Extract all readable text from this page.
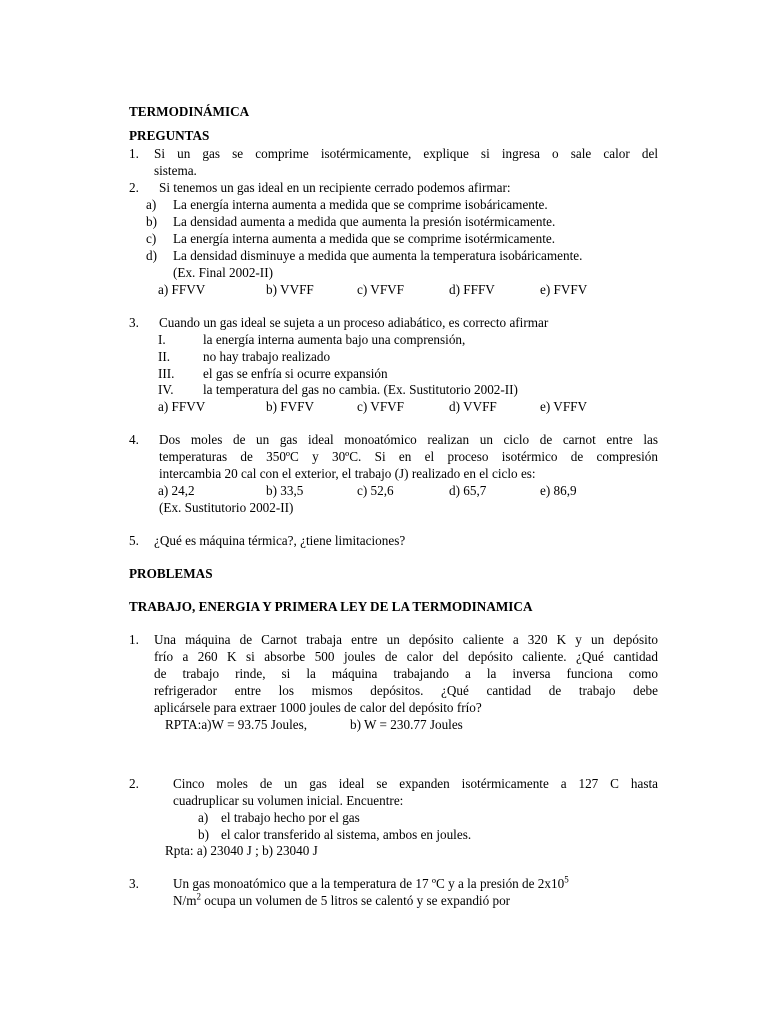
TERMODINÁMICA
PREGUNTAS
1. Si un gas se comprime isotérmicamente, explique si ingresa o sale calor del
sistema.
2. Si tenemos un gas ideal en un recipiente cerrado podemos afirmar:
a) La energía interna aumenta a medida que se comprime isobáricamente.
b) La densidad aumenta a medida que aumenta la presión isotérmicamente.
c) La energía interna aumenta a medida que se comprime isotérmicamente.
d) La densidad disminuye a medida que aumenta la temperatura isobáricamente.
(Ex. Final 2002-II)
a) FFVV	b) VVFF	c) VFVF	d) FFFV	e) FVFV
3. Cuando un gas ideal se sujeta a un proceso adiabático, es correcto afirmar
I.	la energía interna aumenta bajo una comprensión,
II. no hay trabajo realizado
III. el gas se enfría si ocurre expansión
IV. la temperatura del gas no cambia. (Ex. Sustitutorio 2002-II)
a) FFVV	b) FVFV	c) VFVF	d) VVFF	e) VFFV
4. Dos moles de un gas ideal monoatómico realizan un ciclo de carnot entre las
temperaturas de 350ºC y 30ºC. Si en el proceso isotérmico de compresión
intercambia 20 cal con el exterior, el trabajo (J) realizado en el ciclo es:
a) 24,2	b) 33,5	c) 52,6	d) 65,7	e) 86,9
(Ex. Sustitutorio 2002-II)
5. ¿Qué es máquina térmica?, ¿tiene limitaciones?
PROBLEMAS
TRABAJO, ENERGIA Y PRIMERA LEY DE LA TERMODINAMICA
1. Una máquina de Carnot trabaja entre un depósito caliente a 320 K y un depósito
frío a 260 K si absorbe 500 joules de calor del depósito caliente. ¿Qué cantidad
de trabajo rinde, si la máquina trabajando a la inversa funciona como
refrigerador entre los mismos depósitos. ¿Qué cantidad de trabajo debe
aplicársele para extraer 1000 joules de calor del depósito frío?
RPTA:a)W = 93.75 Joules,	b) W = 230.77 Joules
2.	Cinco moles de un gas ideal se expanden isotérmicamente a 127 C hasta
cuadruplicar su volumen inicial. Encuentre:
a) el trabajo hecho por el gas
b) el calor transferido al sistema, ambos en joules.
Rpta: a) 23040 J ; b) 23040 J
3.	Un gas monoatómico que a la temperatura de 17 ºC y a la presión de $2x10^5$
$N/m^2$ ocupa un volumen de 5 litros se calentó y se expandió por
